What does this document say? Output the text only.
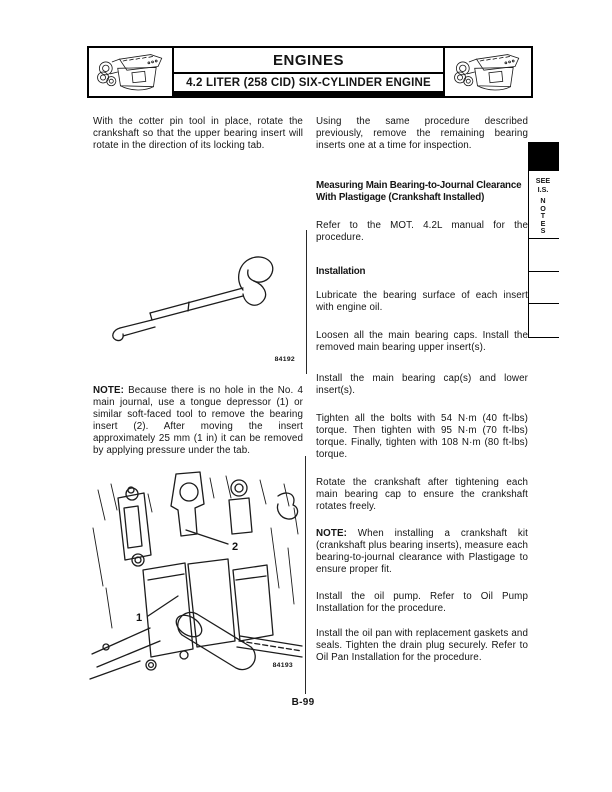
ENGINES
4.2 LITER (258 CID) SIX-CYLINDER ENGINE

With the cotter pin tool in place, rotate the crankshaft so that the upper bearing insert will rotate in the direction of its locking tab.

84192

NOTE: Because there is no hole in the No. 4 main journal, use a tongue depressor (1) or similar soft-faced tool to remove the bearing insert (2). After moving the insert approximately 25 mm (1 in) it can be removed by applying pressure under the tab.

2
1
84193

Using the same procedure described previously, remove the remaining bearing inserts one at a time for inspection.

Measuring Main Bearing-to-Journal Clearance With Plastigage (Crankshaft Installed)

Refer to the MOT. 4.2L manual for the procedure.

Installation

Lubricate the bearing surface of each insert with engine oil.

Loosen all the main bearing caps. Install the removed main bearing upper insert(s).

Install the main bearing cap(s) and lower insert(s).

Tighten all the bolts with 54 N·m (40 ft-lbs) torque. Then tighten with 95 N·m (70 ft-lbs) torque. Finally, tighten with 108 N·m (80 ft-lbs) torque.

Rotate the crankshaft after tightening each main bearing cap to ensure the crankshaft rotates freely.

NOTE: When installing a crankshaft kit (crankshaft plus bearing inserts), measure each bearing-to-journal clearance with Plastigage to ensure proper fit.

Install the oil pump. Refer to Oil Pump Installation for the procedure.

Install the oil pan with replacement gaskets and seals. Tighten the drain plug securely. Refer to Oil Pan Installation for the procedure.

SEE
I.S.
N
O
T
E
S
B-99
